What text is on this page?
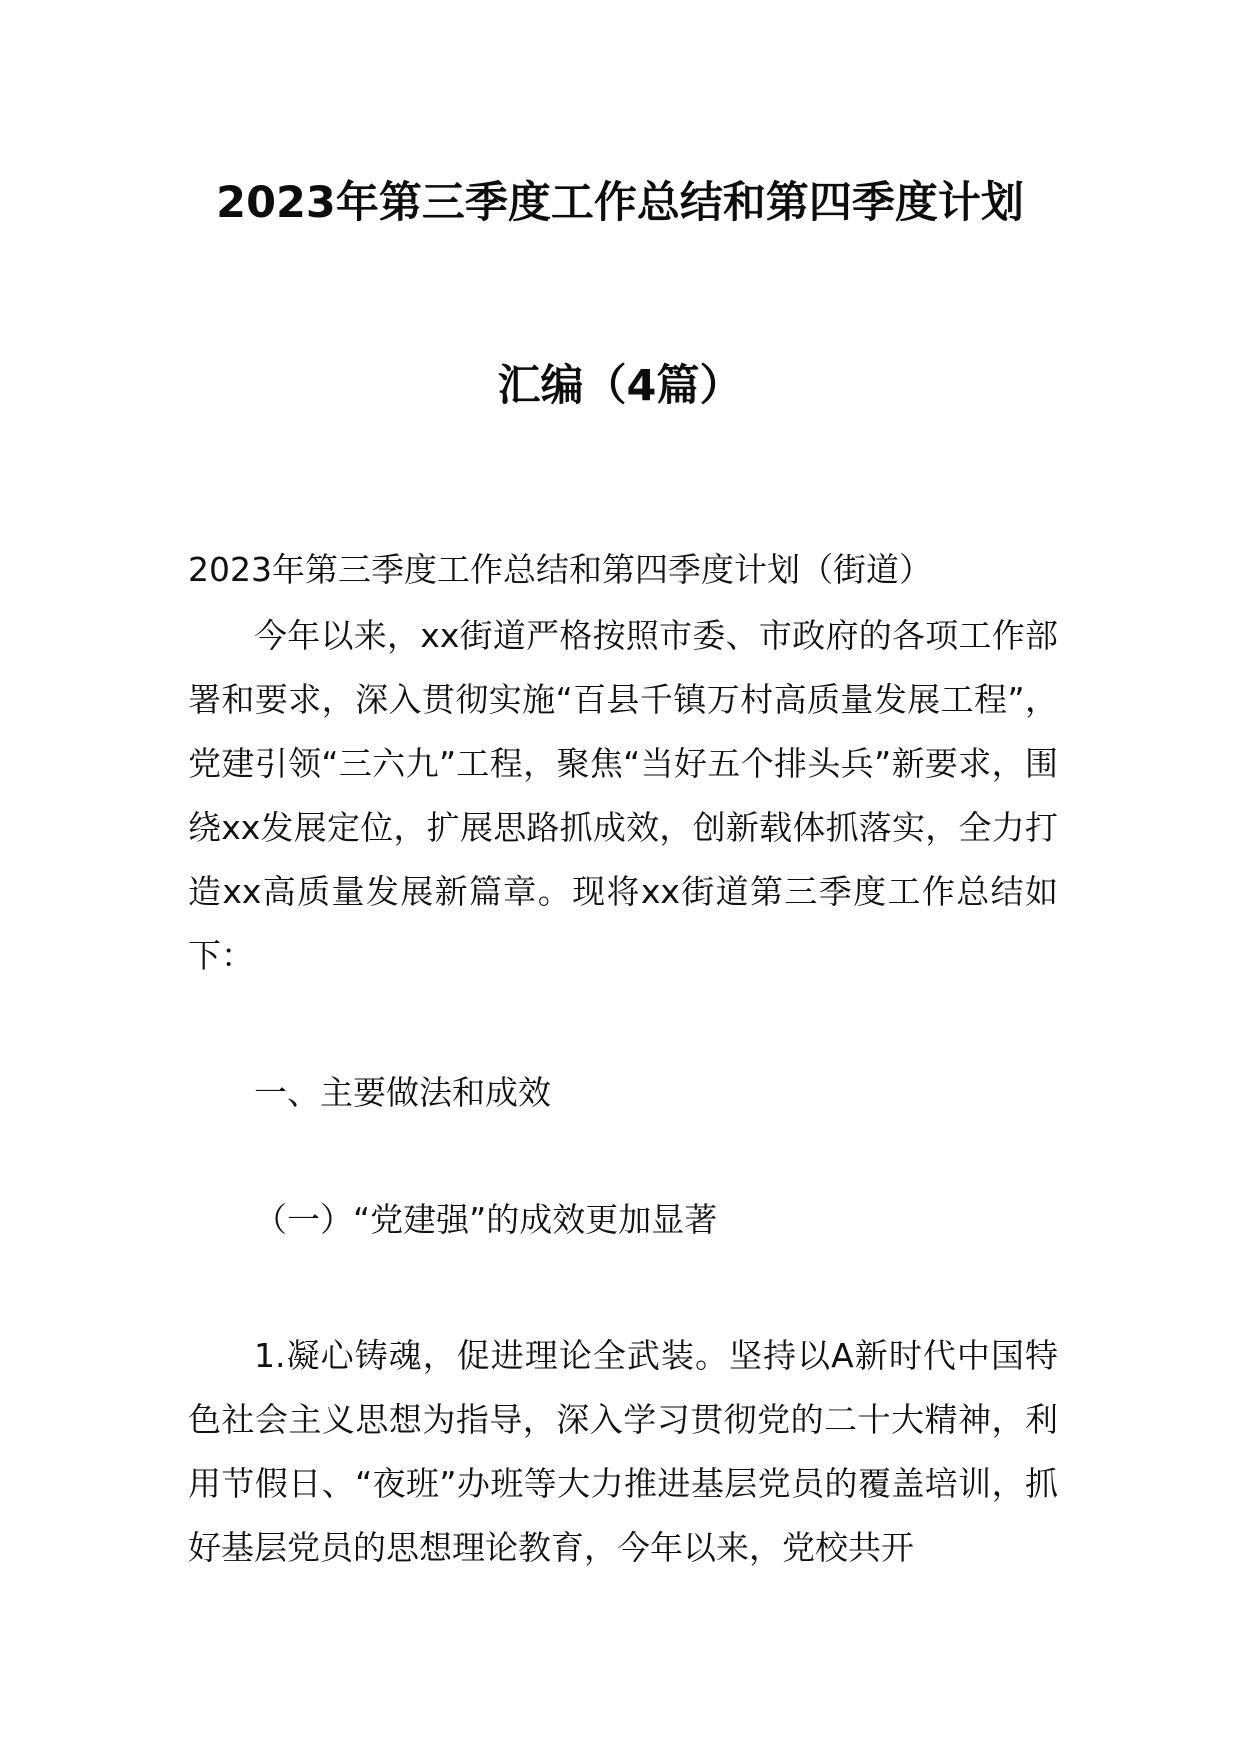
2023年第三季度工作总结和第四季度计划
汇编（4篇）
2023年第三季度工作总结和第四季度计划（街道）
今年以来，xx街道严格按照市委、市政府的各项工作部署和要求，深入贯彻实施“百县千镇万村高质量发展工程”，党建引领“三六九”工程，聚焦“当好五个排头兵”新要求，围绕xx发展定位，扩展思路抓成效，创新载体抓落实，全力打造xx高质量发展新篇章。现将xx街道第三季度工作总结如下：
一、主要做法和成效
（一）“党建强”的成效更加显著
1.凝心铸魂，促进理论全武装。坚持以A新时代中国特色社会主义思想为指导，深入学习贯彻党的二十大精神，利用节假日、“夜班”办班等大力推进基层党员的覆盖培训，抓好基层党员的思想理论教育，今年以来，党校共开
